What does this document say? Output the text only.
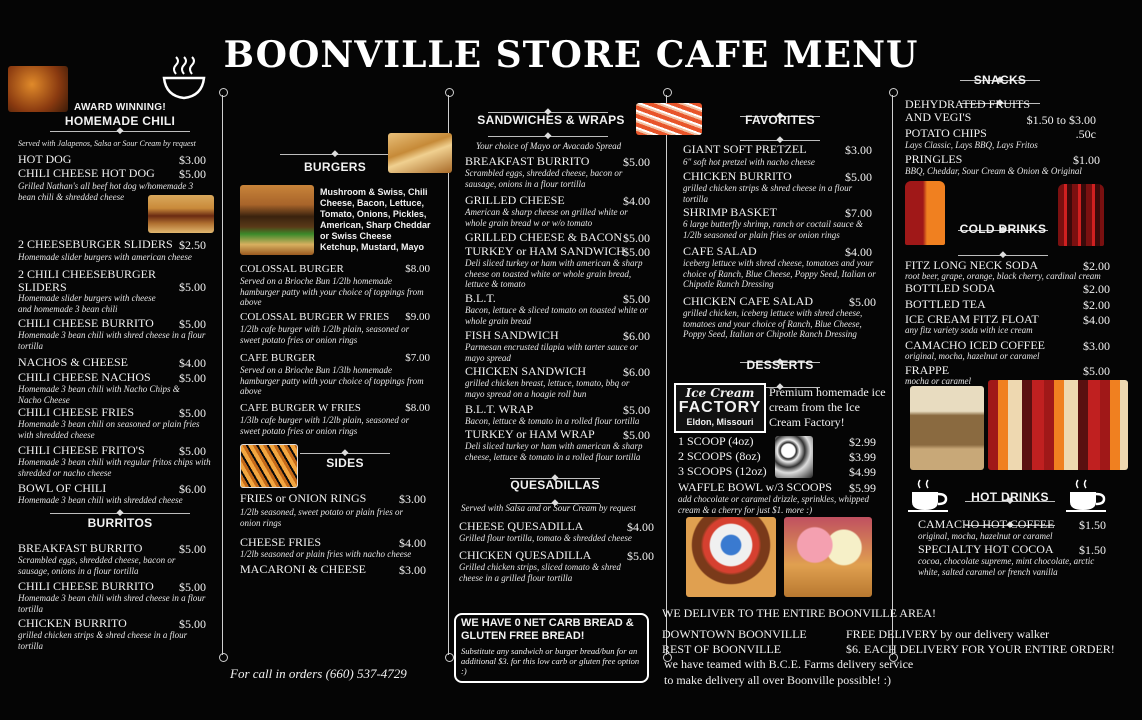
BOONVILLE STORE CAFE MENU
AWARD WINNING!
HOMEMADE CHILI
◆
Served with Jalapenos, Salsa or Sour Cream by request
HOT DOG	$3.00
CHILI CHEESE HOT DOG	$5.00
Grilled Nathan's all beef hot dog w/homemade 3 bean chili & shredded cheese
2 CHEESEBURGER SLIDERS $2.50
Homemade slider burgers with american cheese
2 CHILI CHEESEBURGER SLIDERS	$5.00
Homemade slider burgers with cheese and homemade 3 bean chili
CHILI CHEESE BURRITO	$5.00
Homemade 3 bean chili with shred cheese in a flour tortilla
NACHOS & CHEESE	$4.00
CHILI CHEESE NACHOS	$5.00
Homemade 3 bean chili with Nacho Chips & Nacho Cheese
CHILI CHEESE FRIES	$5.00
Homemade 3 bean chili on seasoned or plain fries with shredded cheese
CHILI CHEESE FRITO'S	$5.00
Homemade 3 bean chili with regular fritos chips with shredded or nacho cheese
BOWL OF CHILI	$6.00
Homemade 3 bean chili with shredded cheese
◆
BURRITOS
BREAKFAST BURRITO	$5.00
Scrambled eggs, shredded cheese, bacon or sausage, onions in a flour tortilla
CHILI CHEESE BURRITO	$5.00
Homemade 3 bean chili with shred cheese in a flour tortilla
CHICKEN BURRITO	$5.00
grilled chicken strips & shred cheese in a flour tortilla
◆
BURGERS
Mushroom & Swiss, Chili Cheese, Bacon, Lettuce, Tomato, Onions, Pickles, American, Sharp Cheddar or Swiss Cheese Ketchup, Mustard, Mayo
COLOSSAL BURGER	$8.00
Served on a Brioche Bun 1/2lb homemade hamburger patty with your choice of toppings from above
COLOSSAL BURGER W FRIES	$9.00
1/2lb cafe burger with 1/2lb plain, seasoned or sweet potato fries or onion rings
CAFE BURGER	$7.00
Served on a Brioche Bun 1/3lb homemade hamburger patty with your choice of toppings from above
CAFE BURGER W FRIES	$8.00
1/3lb cafe burger with 1/2lb plain, seasoned or sweet potato fries or onion rings
◆
SIDES
FRIES or ONION RINGS	$3.00
1/2lb seasoned, sweet potato or plain fries or onion rings
CHEESE FRIES	$4.00
1/2lb seasoned or plain fries with nacho cheese
MACARONI & CHEESE	$3.00
For call in orders (660) 537-4729
◆
SANDWICHES & WRAPS
◆
Your choice of Mayo or Avacado Spread
BREAKFAST BURRITO	$5.00
Scrambled eggs, shredded cheese, bacon or sausage, onions in a flour tortilla
GRILLED CHEESE	$4.00
American & sharp cheese on grilled white or whole grain bread w or w/o tomato
GRILLED CHEESE & BACON $5.00
TURKEY or HAM SANDWICH
$5.00
Deli sliced turkey or ham with american & sharp cheese on toasted white or whole grain bread, lettuce & tomato
B.L.T.	$5.00
Bacon, lettuce & sliced tomato on toasted white or whole grain bread
FISH SANDWICH	$6.00
Parmesan encrusted tilapia with tarter sauce or mayo spread
CHICKEN SANDWICH	$6.00
grilled chicken breast, lettuce, tomato, bbq or mayo spread on a hoagie roll bun
B.L.T. WRAP	$5.00
Bacon, lettuce & tomato in a rolled flour tortilla
TURKEY or HAM WRAP	$5.00
Deli sliced turkey or ham with american & sharp cheese, lettuce & tomato in a rolled flour tortilla
◆
QUESADILLAS
◆
Served with Salsa and or Sour Cream by request
CHEESE QUESADILLA	$4.00
Grilled flour tortilla, tomato & shredded cheese
CHICKEN QUESADILLA	$5.00
Grilled chicken strips, sliced tomato & shred cheese in a grilled flour tortilla
WE HAVE 0 NET CARB BREAD & GLUTEN FREE BREAD!
Substitute any sandwich or burger bread/bun for an additional $3. for this low carb or gluten free option :)
◆
FAVORITES
◆
GIANT SOFT PRETZEL	$3.00
6" soft hot pretzel with nacho cheese
CHICKEN BURRITO	$5.00
grilled chicken strips & shred cheese in a flour tortilla
SHRIMP BASKET	$7.00
6 large butterfly shrimp, ranch or coctail sauce & 1/2lb seasoned or plain fries or onion rings
CAFE SALAD	$4.00
iceberg lettuce with shred cheese, tomatoes and your choice of Ranch, Blue Cheese, Poppy Seed, Italian or Chipotle Ranch Dressing
CHICKEN CAFE SALAD	$5.00
grilled chicken, iceberg lettuce with shred cheese, tomatoes and your choice of Ranch, Blue Cheese, Poppy Seed, Italian or Chipotle Ranch Dressing
◆
DESSERTS
◆
Ice Cream
FACTORY
Eldon, Missouri
Premium homemade ice cream from the Ice Cream Factory!
1 SCOOP (4oz)	$2.99
2 SCOOPS (8oz)	$3.99
3 SCOOPS (12oz)	$4.99
WAFFLE BOWL w/3 SCOOPS	$5.99
add chocolate or caramel drizzle, sprinkles, whipped cream & a cherry for just $1. more :)
◆
SNACKS
◆
DEHYDRATED FRUITS AND VEGI'S	$1.50 to $3.00
POTATO CHIPS	.50c
Lays Classic, Lays BBQ, Lays Fritos
PRINGLES	$1.00
BBQ, Cheddar, Sour Cream & Onion & Original
◆
COLD DRINKS
◆
FITZ LONG NECK SODA	$2.00
root beer, grape, orange, black cherry, cardinal cream
BOTTLED SODA	$2.00
BOTTLED TEA	$2.00
ICE CREAM FITZ FLOAT	$4.00
any fitz variety soda with ice cream
CAMACHO ICED COFFEE	$3.00
original, mocha, hazelnut or caramel
FRAPPE	$5.00
mocha or caramel
◆
HOT DRINKS
◆
CAMACHO HOT COFFEE	$1.50
original, mocha, hazelnut or caramel
SPECIALTY HOT COCOA	$1.50
cocoa, chocolate supreme, mint chocolate, arctic white, salted caramel or french vanilla
WE DELIVER TO THE ENTIRE BOONVILLE AREA!
DOWNTOWN BOONVILLE	FREE DELIVERY by our delivery walker
REST OF BOONVILLE	$6. EACH DELIVERY FOR YOUR ENTIRE ORDER!
we have teamed with B.C.E. Farms delivery service
to make delivery all over Boonville possible! :)
